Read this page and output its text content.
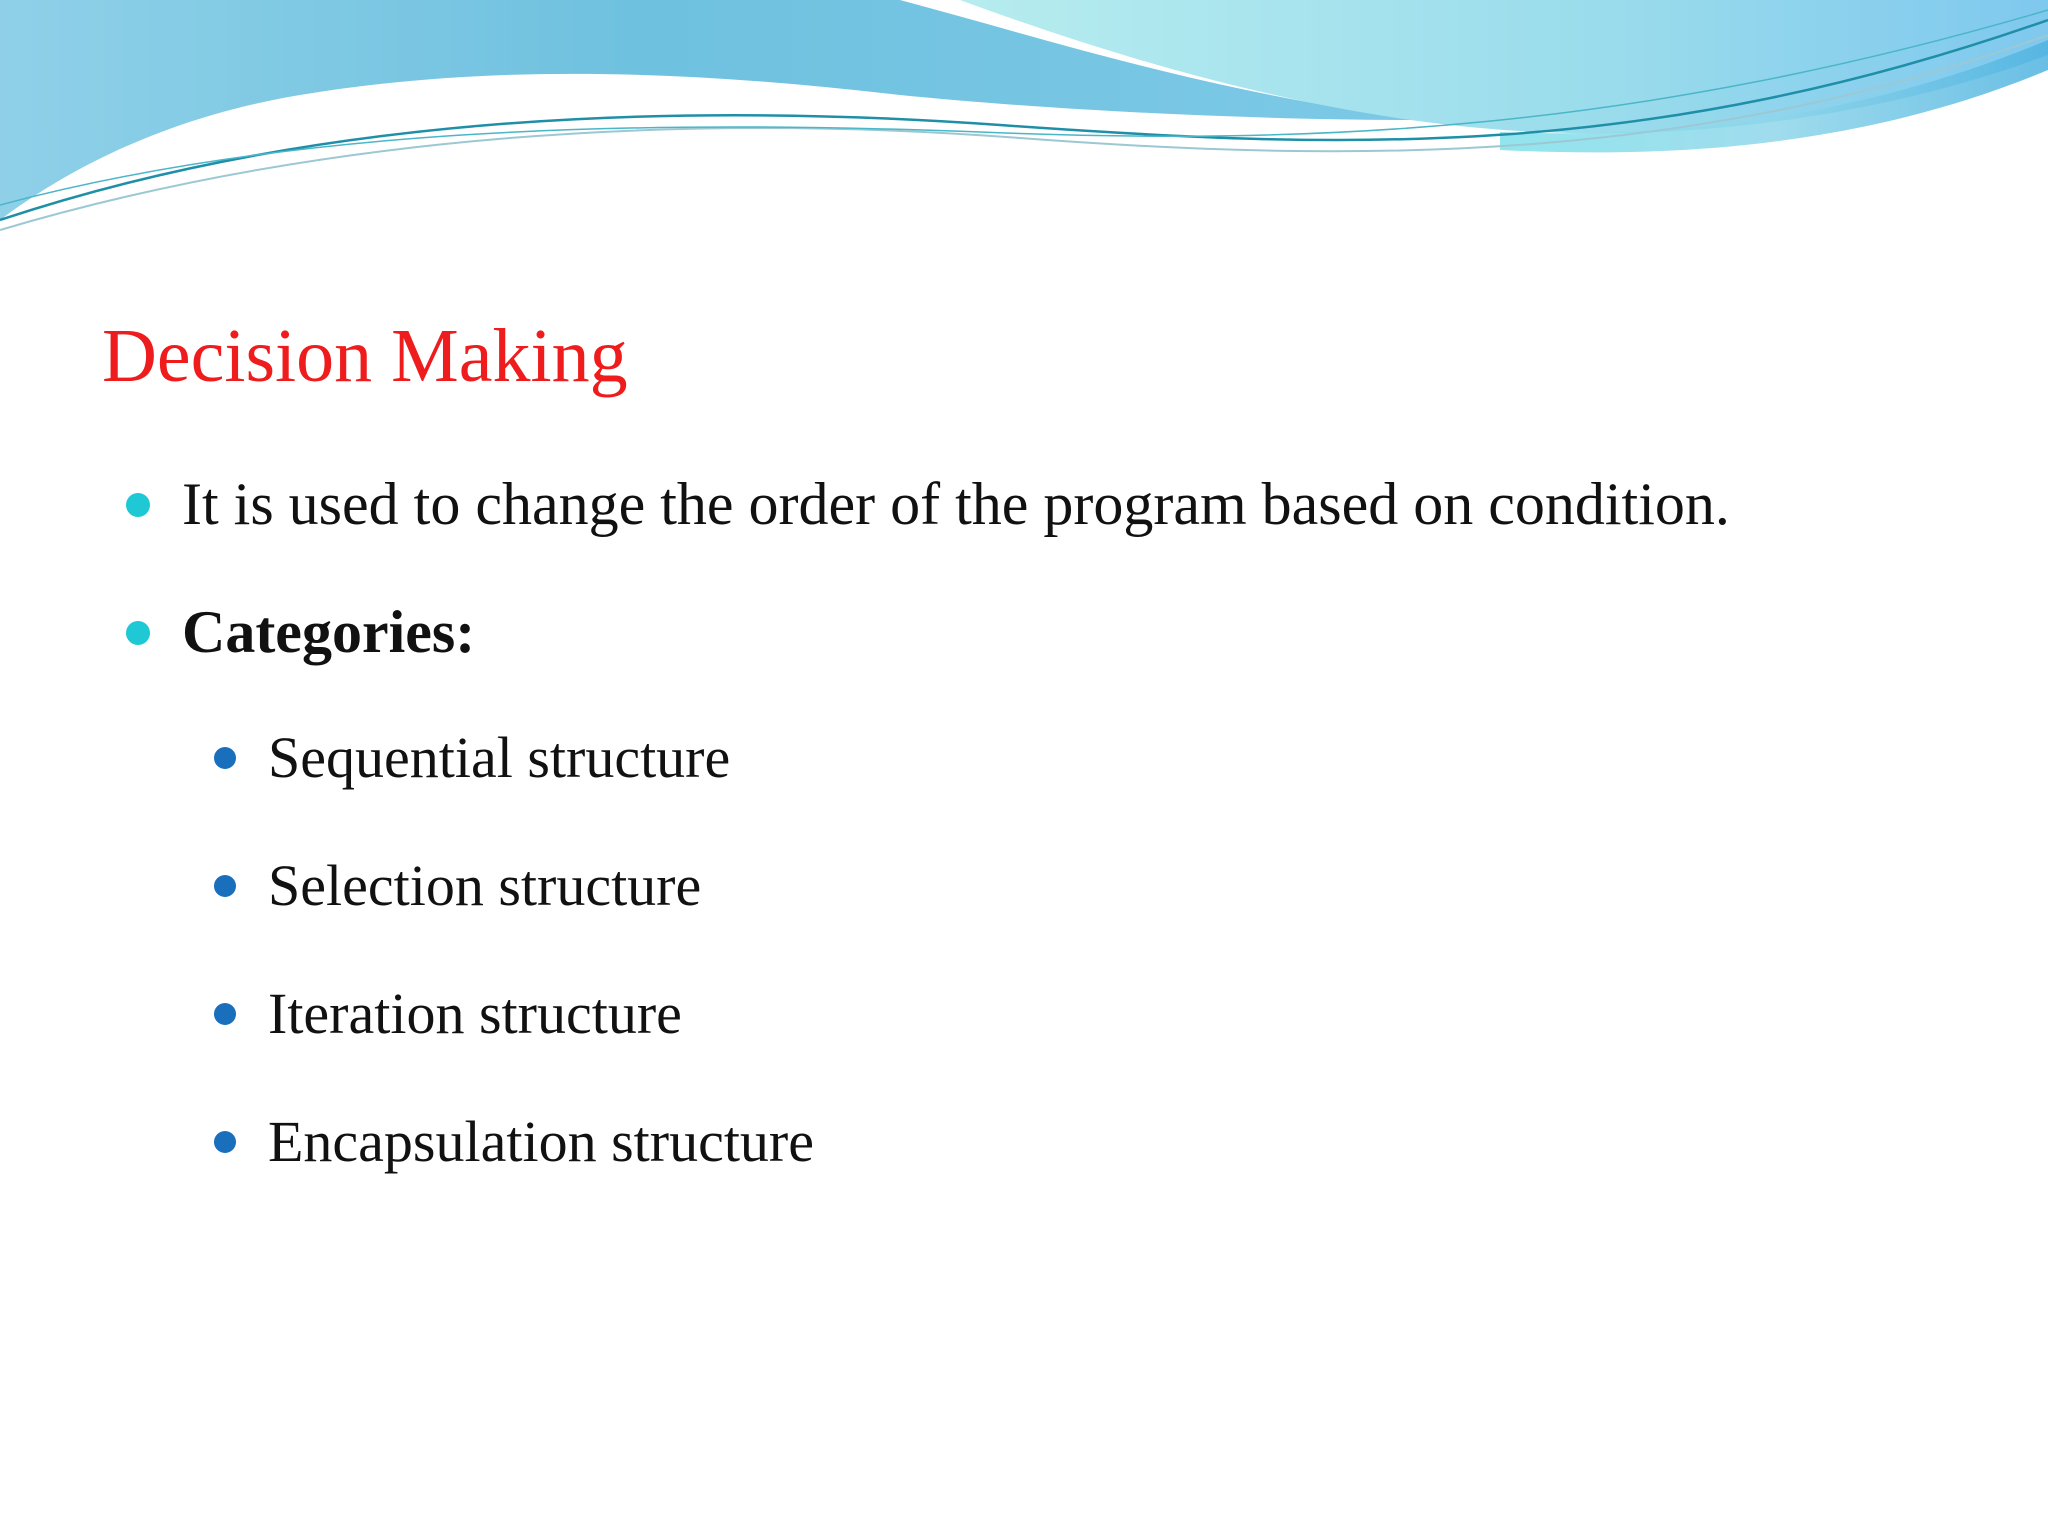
Decision Making
It is used to change the order of the program based on condition.
Categories:
Sequential structure
Selection structure
Iteration structure
Encapsulation structure
